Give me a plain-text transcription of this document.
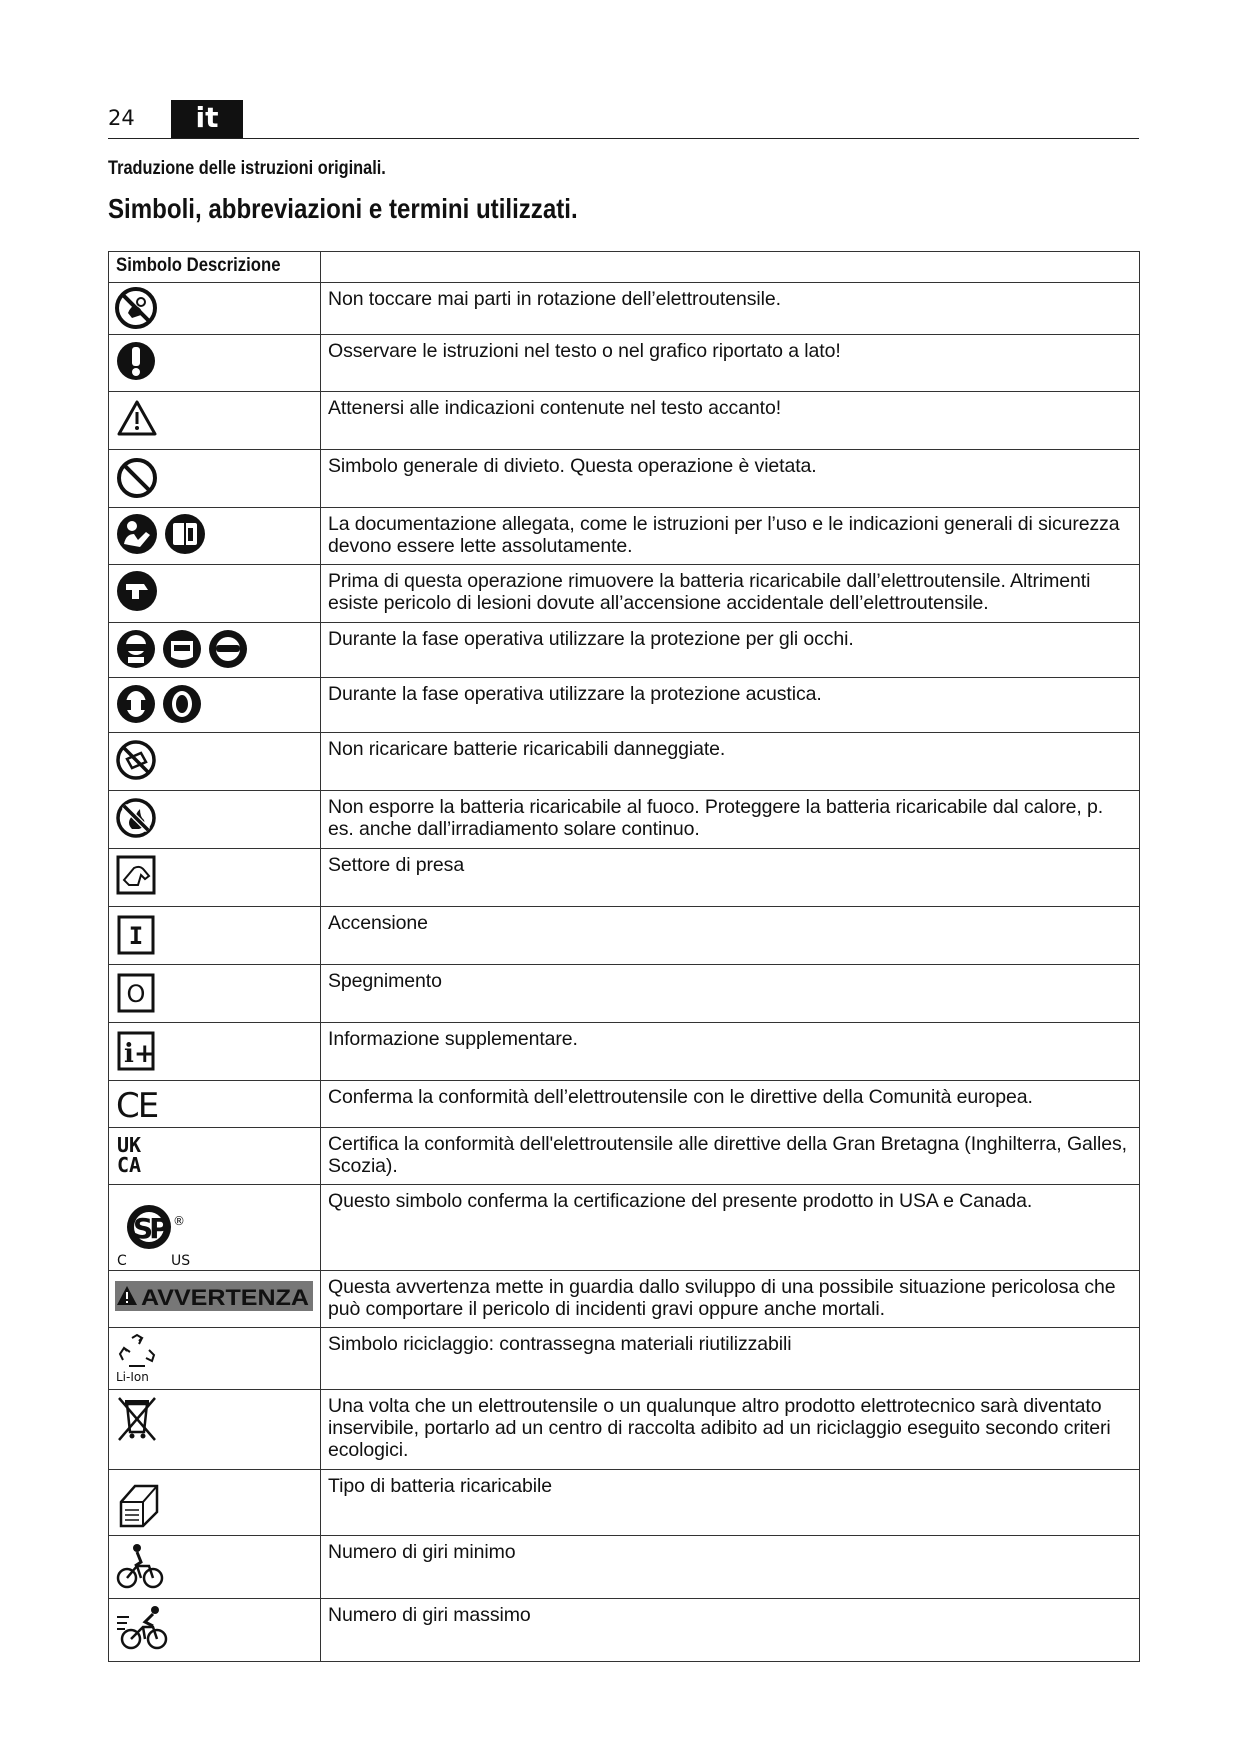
24	it
Traduzione delle istruzioni originali.
Simboli, abbreviazioni e termini utilizzati.
Simbolo Descrizione	

	Non toccare mai parti in rotazione dell’elettroutensile.

	Osservare le istruzioni nel testo o nel grafico riportato a lato!

	Attenersi alle indicazioni contenute nel testo accanto!

	Simbolo generale di divieto. Questa operazione è vietata.

	La documentazione allegata, come le istruzioni per l’uso e le indicazioni generali di sicurezza devono essere lette assolutamente.

	Prima di questa operazione rimuovere la batteria ricaricabile dall’elettroutensile. Altrimenti esiste pericolo di lesioni dovute all’accensione accidentale dell’elettroutensile.

	Durante la fase operativa utilizzare la protezione per gli occhi.

	Durante la fase operativa utilizzare la protezione acustica.

	Non ricaricare batterie ricaricabili danneggiate.

	Non esporre la batteria ricaricabile al fuoco. Proteggere la batteria ricaricabile dal calore, p. es. anche dall’irradiamento solare continuo.

	Settore di presa

I	Accensione

O	Spegnimento

i+	Informazione supplementare.

CE	Conferma la conformità dell’elettroutensile con le direttive della Comunità europea.

UK
CA	Certifica la conformità dell'elettroutensile alle direttive della Gran Bretagna (Inghilterra, Galles, Scozia).

SP ®
C US	Questo simbolo conferma la certificazione del presente prodotto in USA e Canada.

AVVERTENZA	Questa avvertenza mette in guardia dallo sviluppo di una possibile situazione pericolosa che può comportare il pericolo di incidenti gravi oppure anche mortali.

Li-Ion	Simbolo riciclaggio: contrassegna materiali riutilizzabili

	Una volta che un elettroutensile o un qualunque altro prodotto elettrotecnico sarà diventato inservibile, portarlo ad un centro di raccolta adibito ad un riciclaggio eseguito secondo criteri ecologici.

	Tipo di batteria ricaricabile

	Numero di giri minimo

	Numero di giri massimo
